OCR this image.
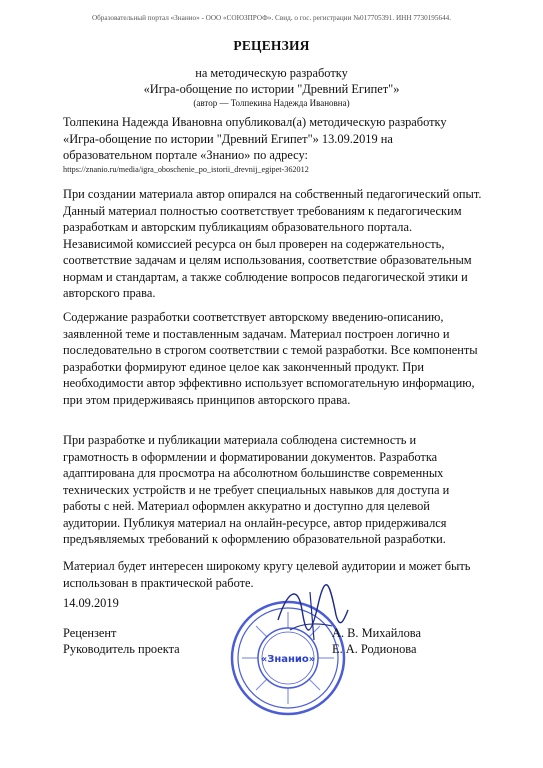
Образовательный портал «Знанио» - ООО «СОЮЗПРОФ». Свид. о гос. регистрации №017705391. ИНН 7730195644.
РЕЦЕНЗИЯ
на методическую разработку
«Игра-обощение по истории "Древний Египет"»
(автор — Толпекина Надежда Ивановна)
Толпекина Надежда Ивановна опубликовал(а) методическую разработку «Игра-обощение по истории "Древний Египет"» 13.09.2019 на образовательном портале «Знанио» по адресу:
https://znanio.ru/media/igra_oboschenie_po_istorii_drevnij_egipet-362012
При создании материала автор опирался на собственный педагогический опыт. Данный материал полностью соответствует требованиям к педагогическим разработкам и авторским публикациям образовательного портала. Независимой комиссией ресурса он был проверен на содержательность, соответствие задачам и целям использования, соответствие образовательным нормам и стандартам, а также соблюдение вопросов педагогической этики и авторского права.
Содержание разработки соответствует авторскому введению-описанию, заявленной теме и поставленным задачам. Материал построен логично и последовательно в строгом соответствии с темой разработки. Все компоненты разработки формируют единое целое как законченный продукт. При необходимости автор эффективно использует вспомогательную информацию, при этом придерживаясь принципов авторского права.
При разработке и публикации материала соблюдена системность и грамотность в оформлении и форматировании документов. Разработка адаптирована для просмотра на абсолютном большинстве современных технических устройств и не требует специальных навыков для доступа и работы с ней. Материал оформлен аккуратно и доступно для целевой аудитории. Публикуя материал на онлайн-ресурсе, автор придерживался предъявляемых требований к оформлению образовательной разработки.
Материал будет интересен широкому кругу целевой аудитории и может быть использован в практической работе.
14.09.2019
«Знанио»
Рецензент	А. В. Михайлова
Руководитель проекта	Е. А. Родионова
